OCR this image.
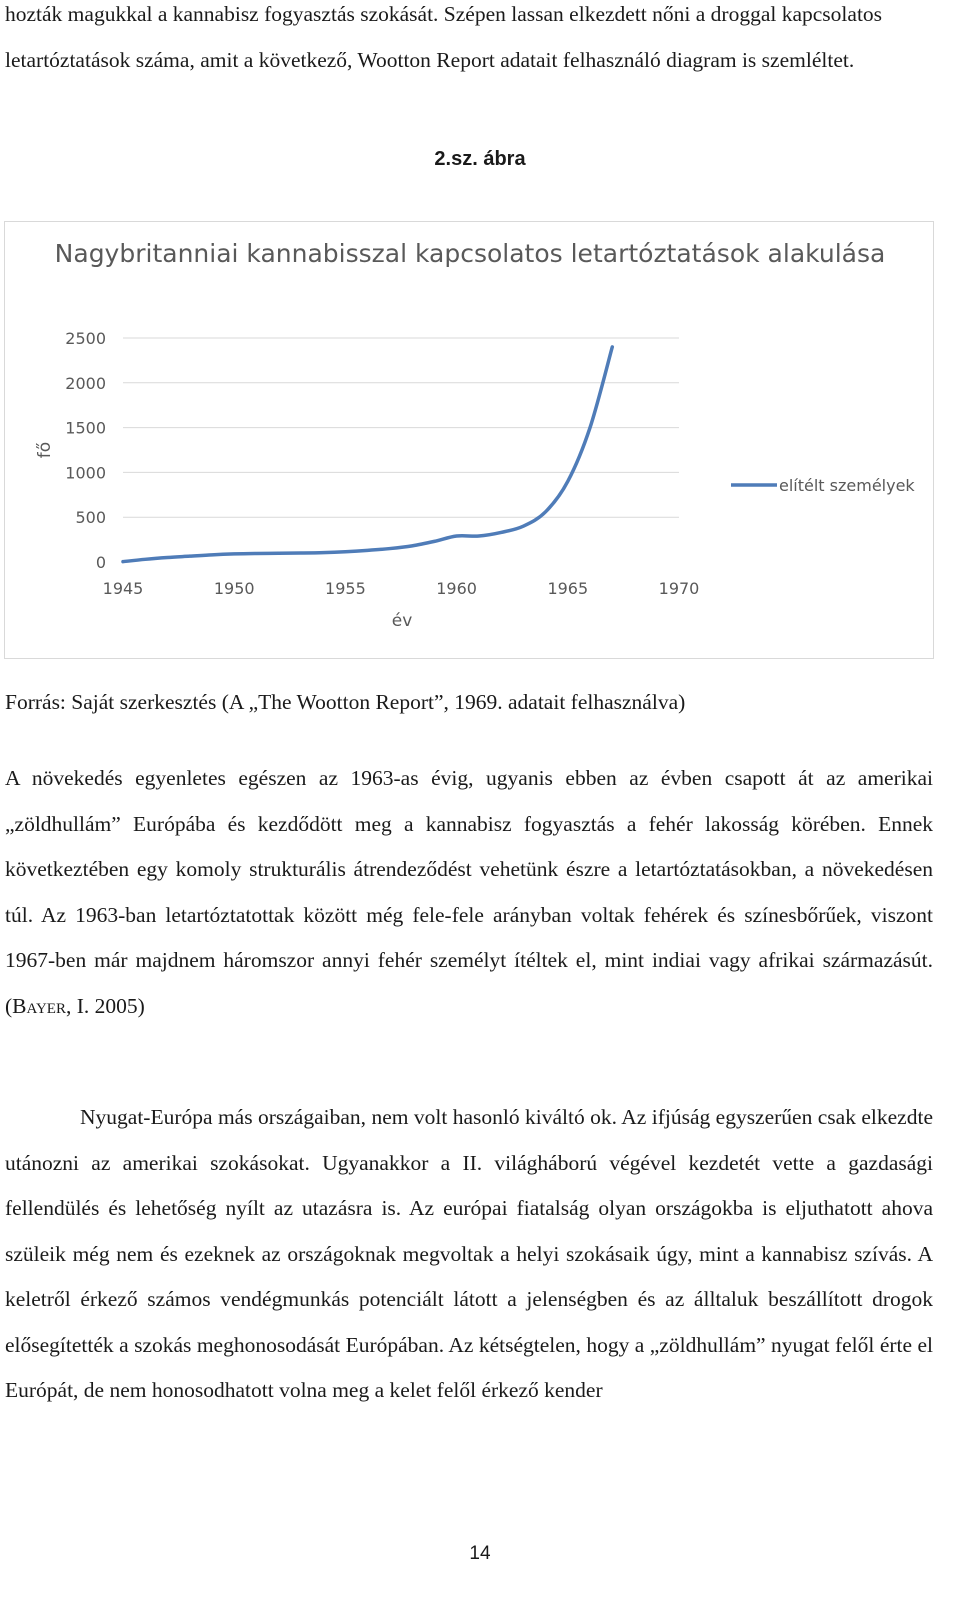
hozták magukkal a kannabisz fogyasztás szokását. Szépen lassan elkezdett nőni a droggal kapcsolatos letartóztatások száma, amit a következő, Wootton Report adatait felhasználó diagram is szemléltet.

2.sz. ábra

Nagybritanniai kannabisszal kapcsolatos letartóztatások alakulása

0
500
1000
1500
2000
2500
1945	1950	1955	1960	1965	1970
év
fő
elítélt személyek

Forrás: Saját szerkesztés (A „The Wootton Report”, 1969. adatait felhasználva)

A növekedés egyenletes egészen az 1963-as évig, ugyanis ebben az évben csapott át az amerikai „zöldhullám” Európába és kezdődött meg a kannabisz fogyasztás a fehér lakosság körében. Ennek következtében egy komoly strukturális átrendeződést vehetünk észre a letartóztatásokban, a növekedésen túl. Az 1963-ban letartóztatottak között még fele-fele arányban voltak fehérek és színesbőrűek, viszont 1967-ben már majdnem háromszor annyi fehér személyt ítéltek el, mint indiai vagy afrikai származásút. (Bayer, I. 2005)

Nyugat-Európa más országaiban, nem volt hasonló kiváltó ok. Az ifjúság egyszerűen csak elkezdte utánozni az amerikai szokásokat. Ugyanakkor a II. világháború végével kezdetét vette a gazdasági fellendülés és lehetőség nyílt az utazásra is. Az európai fiatalság olyan országokba is eljuthatott ahova szüleik még nem és ezeknek az országoknak megvoltak a helyi szokásaik úgy, mint a kannabisz szívás. A keletről érkező számos vendégmunkás potenciált látott a jelenségben és az álltaluk beszállított drogok elősegítették a szokás meghonosodását Európában. Az kétségtelen, hogy a „zöldhullám” nyugat felől érte el Európát, de nem honosodhatott volna meg a kelet felől érkező kender

14
